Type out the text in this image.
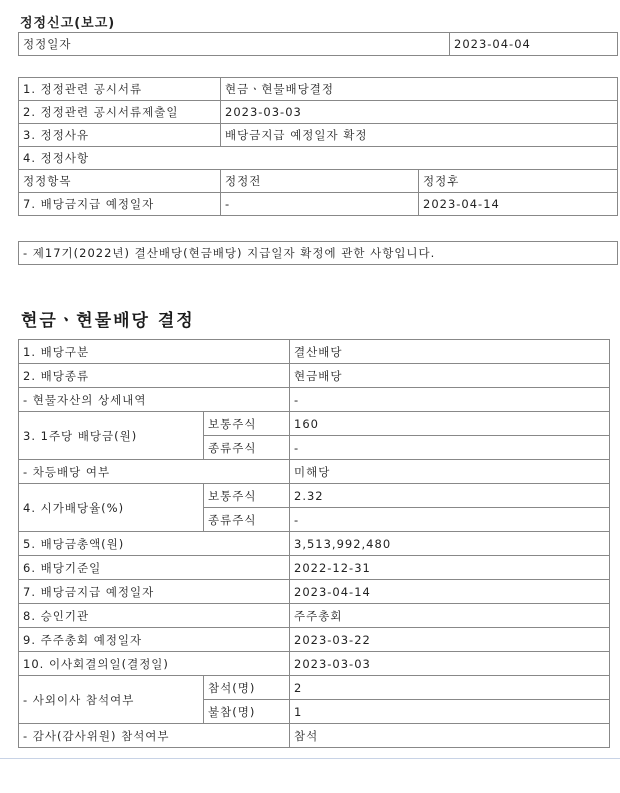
정정신고(보고)
정정일자	2023-04-04
1. 정정관련 공시서류	현금ㆍ현물배당결정	
2. 정정관련 공시서류제출일	2023-03-03	
3. 정정사유	배당금지급 예정일자 확정	
4. 정정사항		
정정항목	정정전	정정후
7. 배당금지급 예정일자	-	2023-04-14
- 제17기(2022년) 결산배당(현금배당) 지급일자 확정에 관한 사항입니다.
현금ㆍ현물배당 결정
1. 배당구분		결산배당
2. 배당종류		현금배당
- 현물자산의 상세내역		-
3. 1주당 배당금(원)	보통주식	160
	종류주식	-
- 차등배당 여부		미해당
4. 시가배당율(%)	보통주식	2.32
	종류주식	-
5. 배당금총액(원)		3,513,992,480
6. 배당기준일		2022-12-31
7. 배당금지급 예정일자		2023-04-14
8. 승인기관		주주총회
9. 주주총회 예정일자		2023-03-22
10. 이사회결의일(결정일)		2023-03-03
- 사외이사 참석여부	참석(명)	2
	불참(명)	1
- 감사(감사위원) 참석여부		참석
